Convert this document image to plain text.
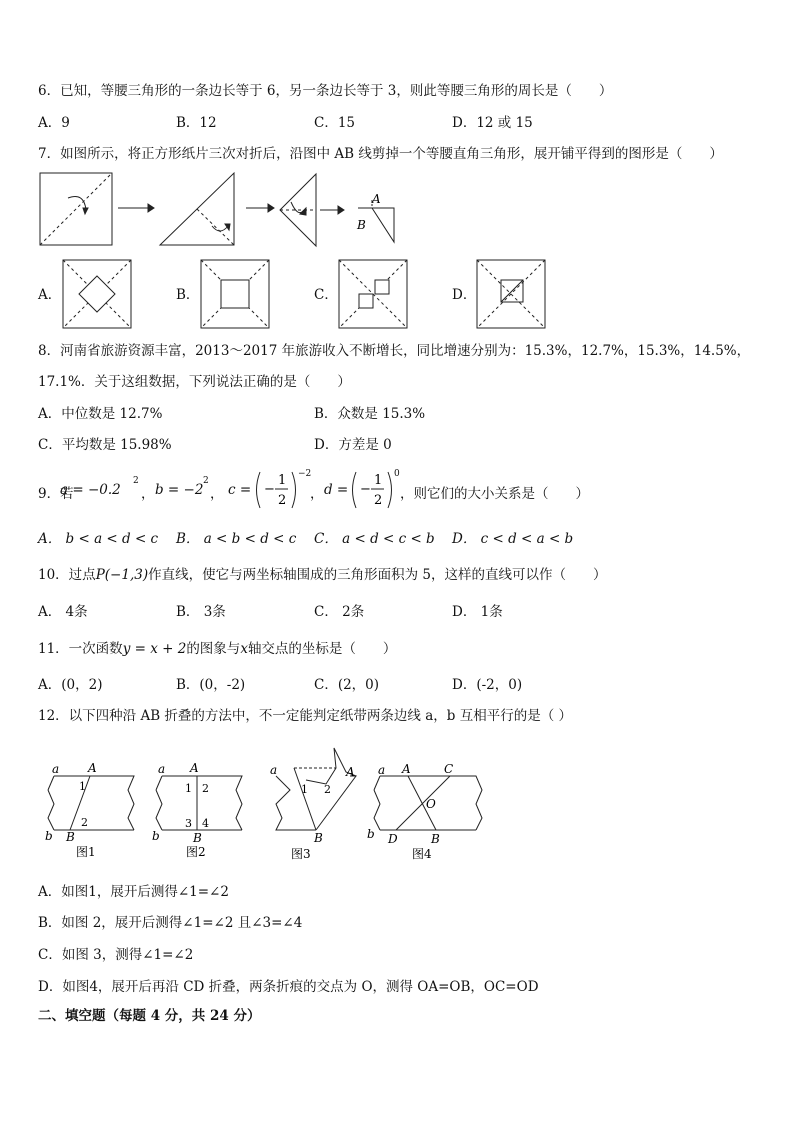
6．已知，等腰三角形的一条边长等于 6，另一条边长等于 3，则此等腰三角形的周长是（　　）
A．9	B．12	C．15	D．12 或 15
7．如图所示，将正方形纸片三次对折后，沿图中 AB 线剪掉一个等腰直角三角形，展开铺平得到的图形是（　　）
A
B
A．	B．	C．	D．
8．河南省旅游资源丰富，2013～2017 年旅游收入不断增长，同比增速分别为：15.3%，12.7%，15.3%，14.5%，
17.1%．关于这组数据，下列说法正确的是（　　）
A．中位数是 12.7%	B．众数是 15.3%
C．平均数是 15.98%	D．方差是 0
9．若
a = −0.2
2
， b = −2
2
， c = −
1
2
−2
， d = −
1
2
0
，则它们的大小关系是（　　）
A． b < a < d < c B． a < b < d < c C． a < d < c < b D． c < d < a < b
10．过点P(−1,3)作直线，使它与两坐标轴围成的三角形面积为 5，这样的直线可以作（　　）
A． 4条	B． 3条	C． 2条	D． 1条
11．一次函数y = x + 2的图象与x轴交点的坐标是（　　）
A．(0，2)	B．(0，-2)	C．(2，0)	D．(-2，0)
12．以下四种沿 AB 折叠的方法中，不一定能判定纸带两条边线 a，b 互相平行的是（ ）
a A
1
2
b B
图1
a A
1 2
3 4
b	B
图2
a	A
1 2
B
图3
a A	C
O
b D	B
图4
A．如图1，展开后测得∠1=∠2
B．如图 2，展开后测得∠1=∠2 且∠3=∠4
C．如图 3，测得∠1=∠2
D．如图4，展开后再沿 CD 折叠，两条折痕的交点为 O，测得 OA=OB，OC=OD
二、填空题（每题 4 分，共 24 分）
